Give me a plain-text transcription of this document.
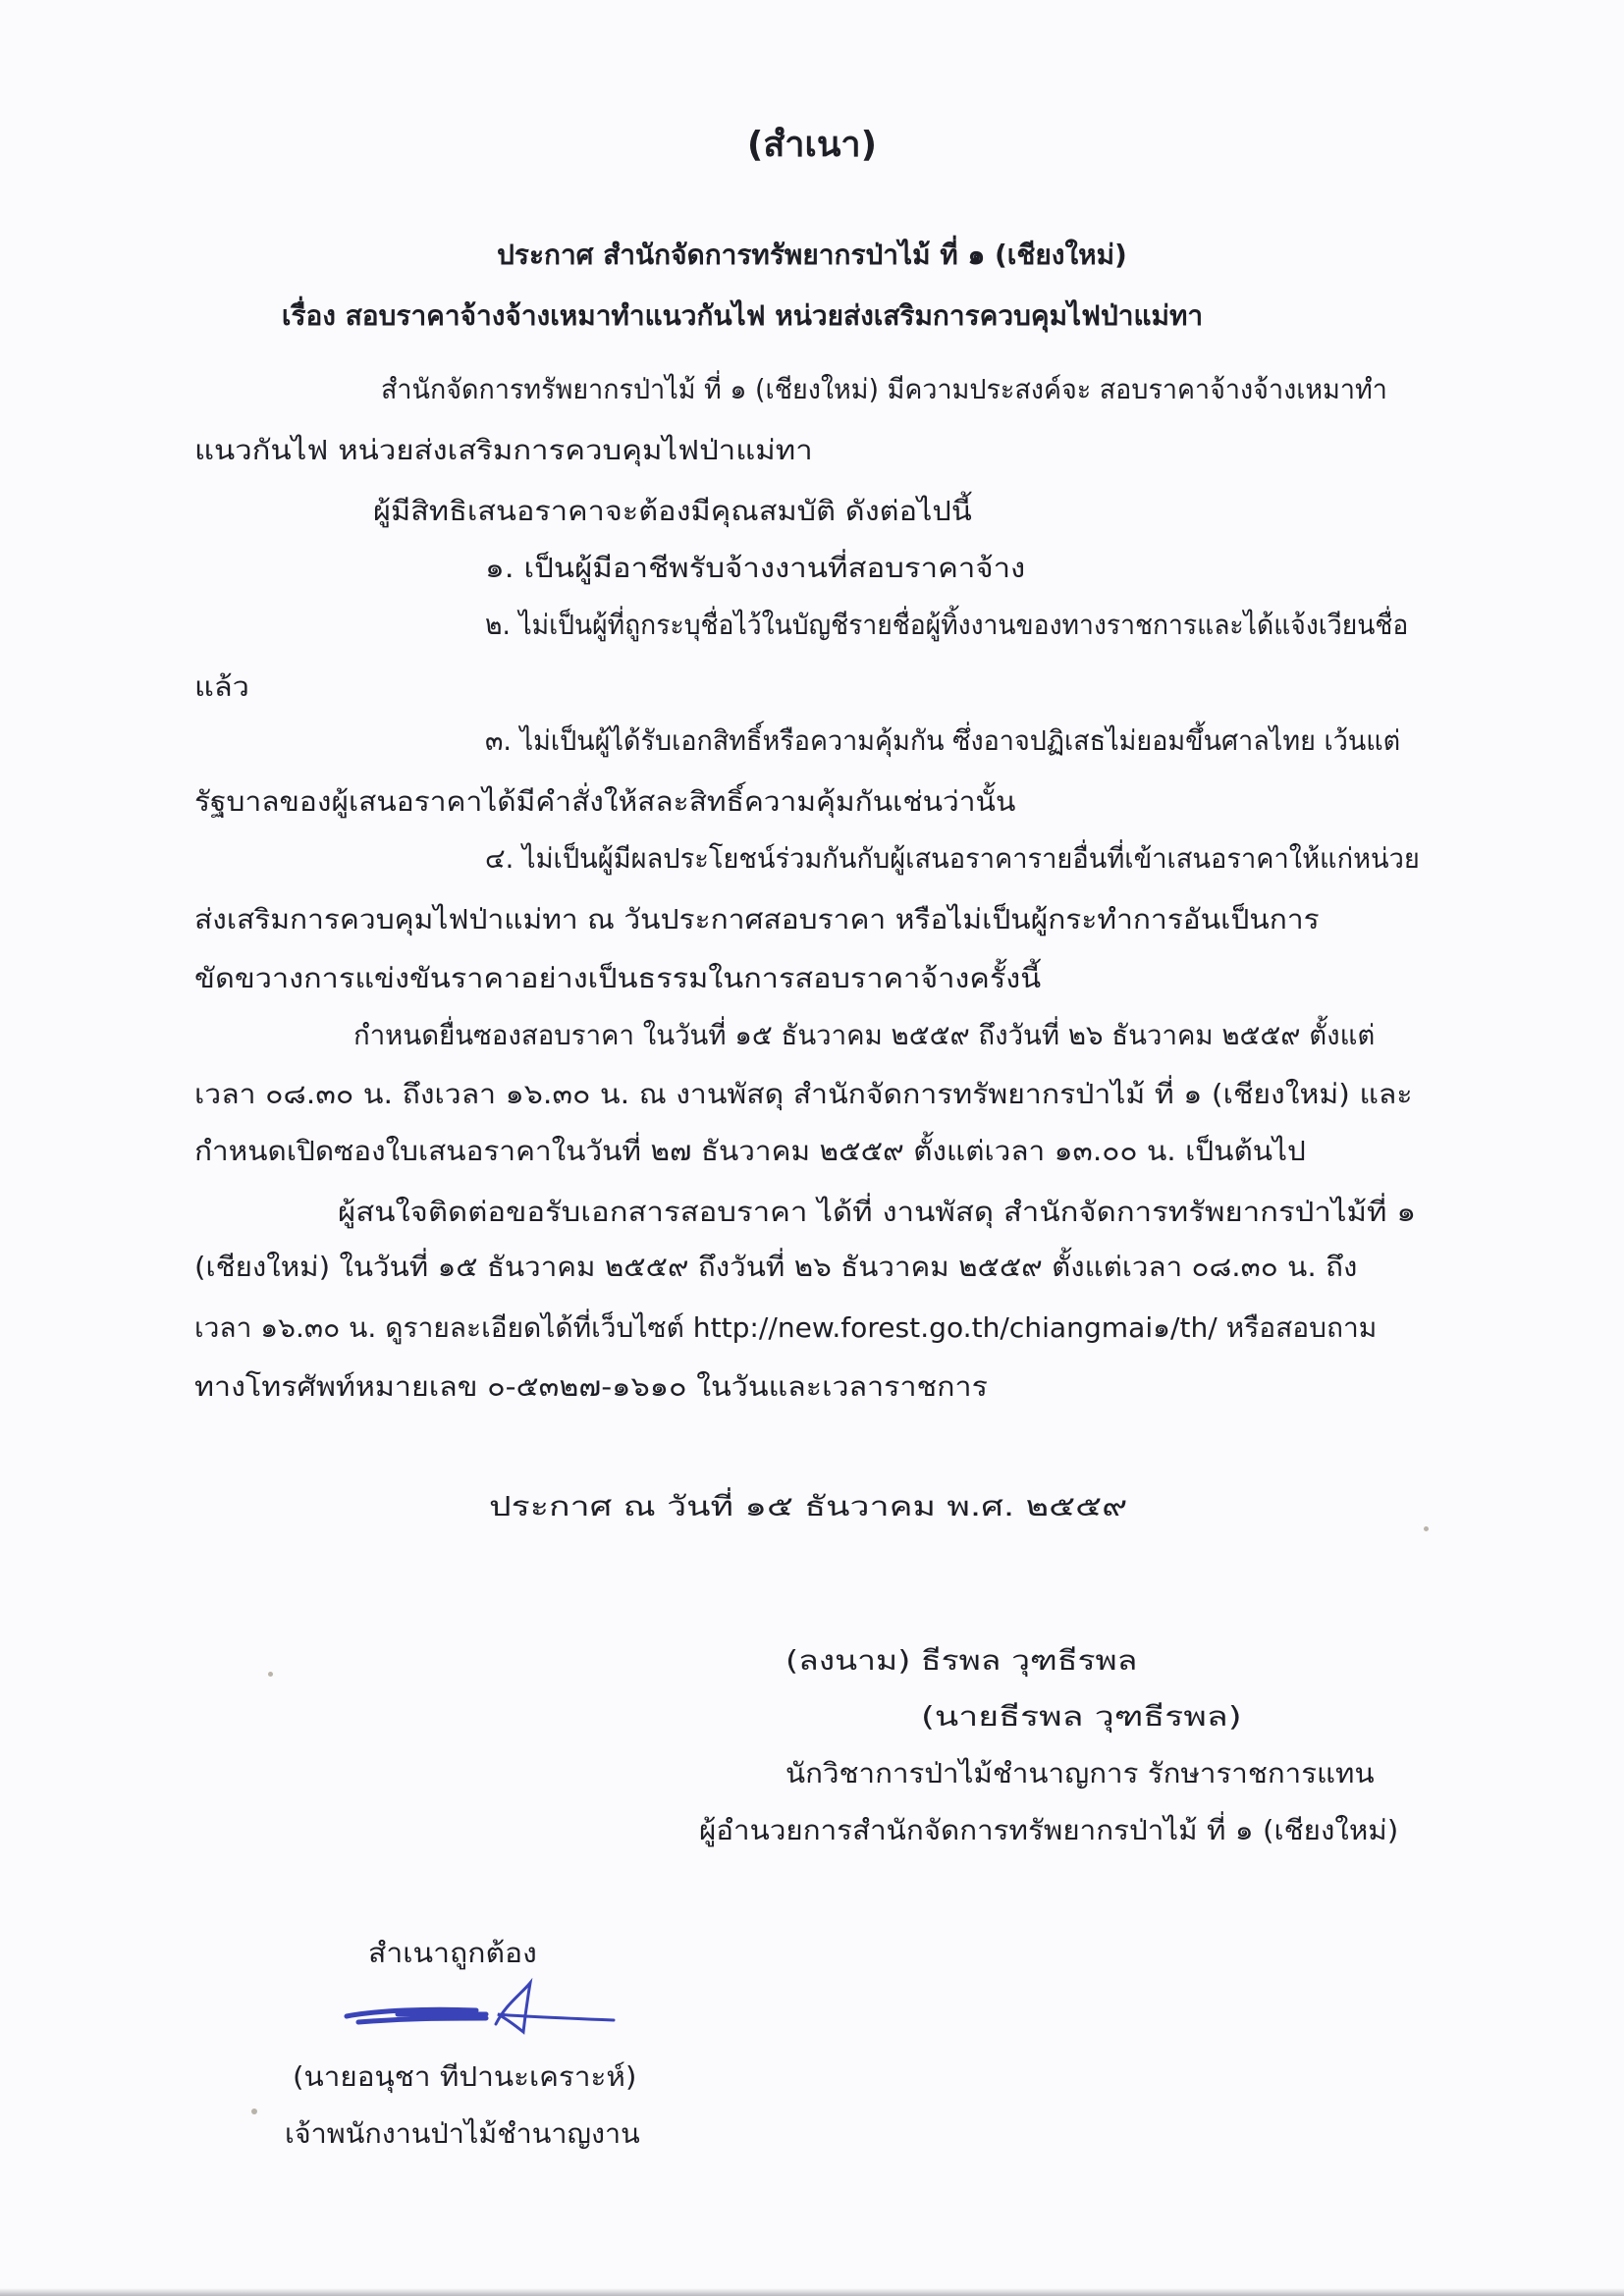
(สำเนา)
ประกาศ สำนักจัดการทรัพยากรป่าไม้ ที่ ๑ (เชียงใหม่)
เรื่อง สอบราคาจ้างจ้างเหมาทำแนวกันไฟ หน่วยส่งเสริมการควบคุมไฟป่าแม่ทา
สำนักจัดการทรัพยากรป่าไม้ ที่ ๑ (เชียงใหม่) มีความประสงค์จะ สอบราคาจ้างจ้างเหมาทำ
แนวกันไฟ หน่วยส่งเสริมการควบคุมไฟป่าแม่ทา
ผู้มีสิทธิเสนอราคาจะต้องมีคุณสมบัติ ดังต่อไปนี้
๑. เป็นผู้มีอาชีพรับจ้างงานที่สอบราคาจ้าง
๒. ไม่เป็นผู้ที่ถูกระบุชื่อไว้ในบัญชีรายชื่อผู้ทิ้งงานของทางราชการและได้แจ้งเวียนชื่อ
แล้ว
๓. ไม่เป็นผู้ได้รับเอกสิทธิ์หรือความคุ้มกัน ซึ่งอาจปฏิเสธไม่ยอมขึ้นศาลไทย เว้นแต่
รัฐบาลของผู้เสนอราคาได้มีคำสั่งให้สละสิทธิ์ความคุ้มกันเช่นว่านั้น
๔. ไม่เป็นผู้มีผลประโยชน์ร่วมกันกับผู้เสนอราคารายอื่นที่เข้าเสนอราคาให้แก่หน่วย
ส่งเสริมการควบคุมไฟป่าแม่ทา ณ วันประกาศสอบราคา หรือไม่เป็นผู้กระทำการอันเป็นการ
ขัดขวางการแข่งขันราคาอย่างเป็นธรรมในการสอบราคาจ้างครั้งนี้
กำหนดยื่นซองสอบราคา ในวันที่ ๑๕ ธันวาคม ๒๕๕๙ ถึงวันที่ ๒๖ ธันวาคม ๒๕๕๙ ตั้งแต่
เวลา ๐๘.๓๐ น. ถึงเวลา ๑๖.๓๐ น. ณ งานพัสดุ สำนักจัดการทรัพยากรป่าไม้ ที่ ๑ (เชียงใหม่) และ
กำหนดเปิดซองใบเสนอราคาในวันที่ ๒๗ ธันวาคม ๒๕๕๙ ตั้งแต่เวลา ๑๓.๐๐ น. เป็นต้นไป
ผู้สนใจติดต่อขอรับเอกสารสอบราคา ได้ที่ งานพัสดุ สำนักจัดการทรัพยากรป่าไม้ที่ ๑
(เชียงใหม่) ในวันที่ ๑๕ ธันวาคม ๒๕๕๙ ถึงวันที่ ๒๖ ธันวาคม ๒๕๕๙ ตั้งแต่เวลา ๐๘.๓๐ น. ถึง
เวลา ๑๖.๓๐ น. ดูรายละเอียดได้ที่เว็บไซต์ http://new.forest.go.th/chiangmai๑/th/ หรือสอบถาม
ทางโทรศัพท์หมายเลข ๐-๕๓๒๗-๑๖๑๐ ในวันและเวลาราชการ
ประกาศ ณ วันที่ ๑๕ ธันวาคม พ.ศ. ๒๕๕๙
(ลงนาม) ธีรพล วุฑธีรพล
(นายธีรพล วุฑธีรพล)
นักวิชาการป่าไม้ชำนาญการ รักษาราชการแทน
ผู้อำนวยการสำนักจัดการทรัพยากรป่าไม้ ที่ ๑ (เชียงใหม่)
สำเนาถูกต้อง
(นายอนุชา ทีปานะเคราะห์)
เจ้าพนักงานป่าไม้ชำนาญงาน
